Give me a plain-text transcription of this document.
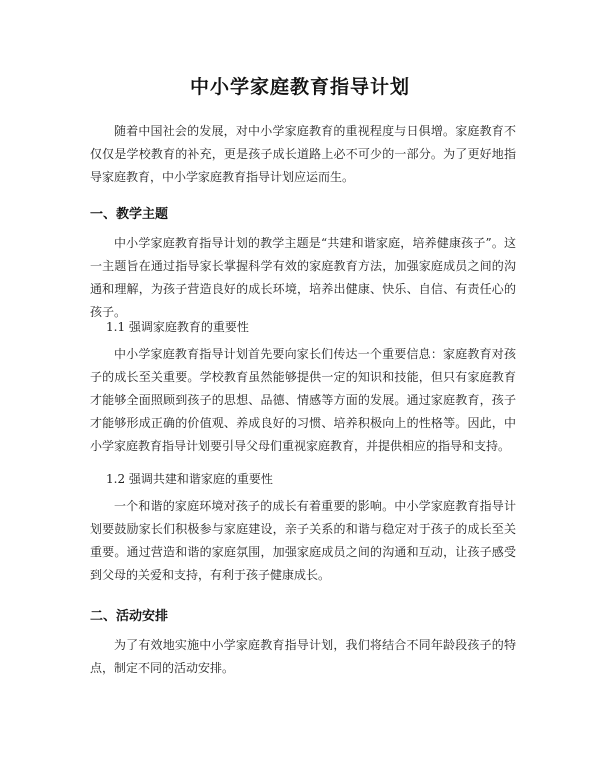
中小学家庭教育指导计划

随着中国社会的发展，对中小学家庭教育的重视程度与日俱增。家庭教育不仅仅是学校教育的补充，更是孩子成长道路上必不可少的一部分。为了更好地指导家庭教育，中小学家庭教育指导计划应运而生。

一、教学主题

中小学家庭教育指导计划的教学主题是“共建和谐家庭，培养健康孩子”。这一主题旨在通过指导家长掌握科学有效的家庭教育方法，加强家庭成员之间的沟通和理解，为孩子营造良好的成长环境，培养出健康、快乐、自信、有责任心的孩子。

1.1 强调家庭教育的重要性

中小学家庭教育指导计划首先要向家长们传达一个重要信息：家庭教育对孩子的成长至关重要。学校教育虽然能够提供一定的知识和技能，但只有家庭教育才能够全面照顾到孩子的思想、品德、情感等方面的发展。通过家庭教育，孩子才能够形成正确的价值观、养成良好的习惯、培养积极向上的性格等。因此，中小学家庭教育指导计划要引导父母们重视家庭教育，并提供相应的指导和支持。

1.2 强调共建和谐家庭的重要性

一个和谐的家庭环境对孩子的成长有着重要的影响。中小学家庭教育指导计划要鼓励家长们积极参与家庭建设，亲子关系的和谐与稳定对于孩子的成长至关重要。通过营造和谐的家庭氛围，加强家庭成员之间的沟通和互动，让孩子感受到父母的关爱和支持，有利于孩子健康成长。

二、活动安排

为了有效地实施中小学家庭教育指导计划，我们将结合不同年龄段孩子的特点，制定不同的活动安排。
